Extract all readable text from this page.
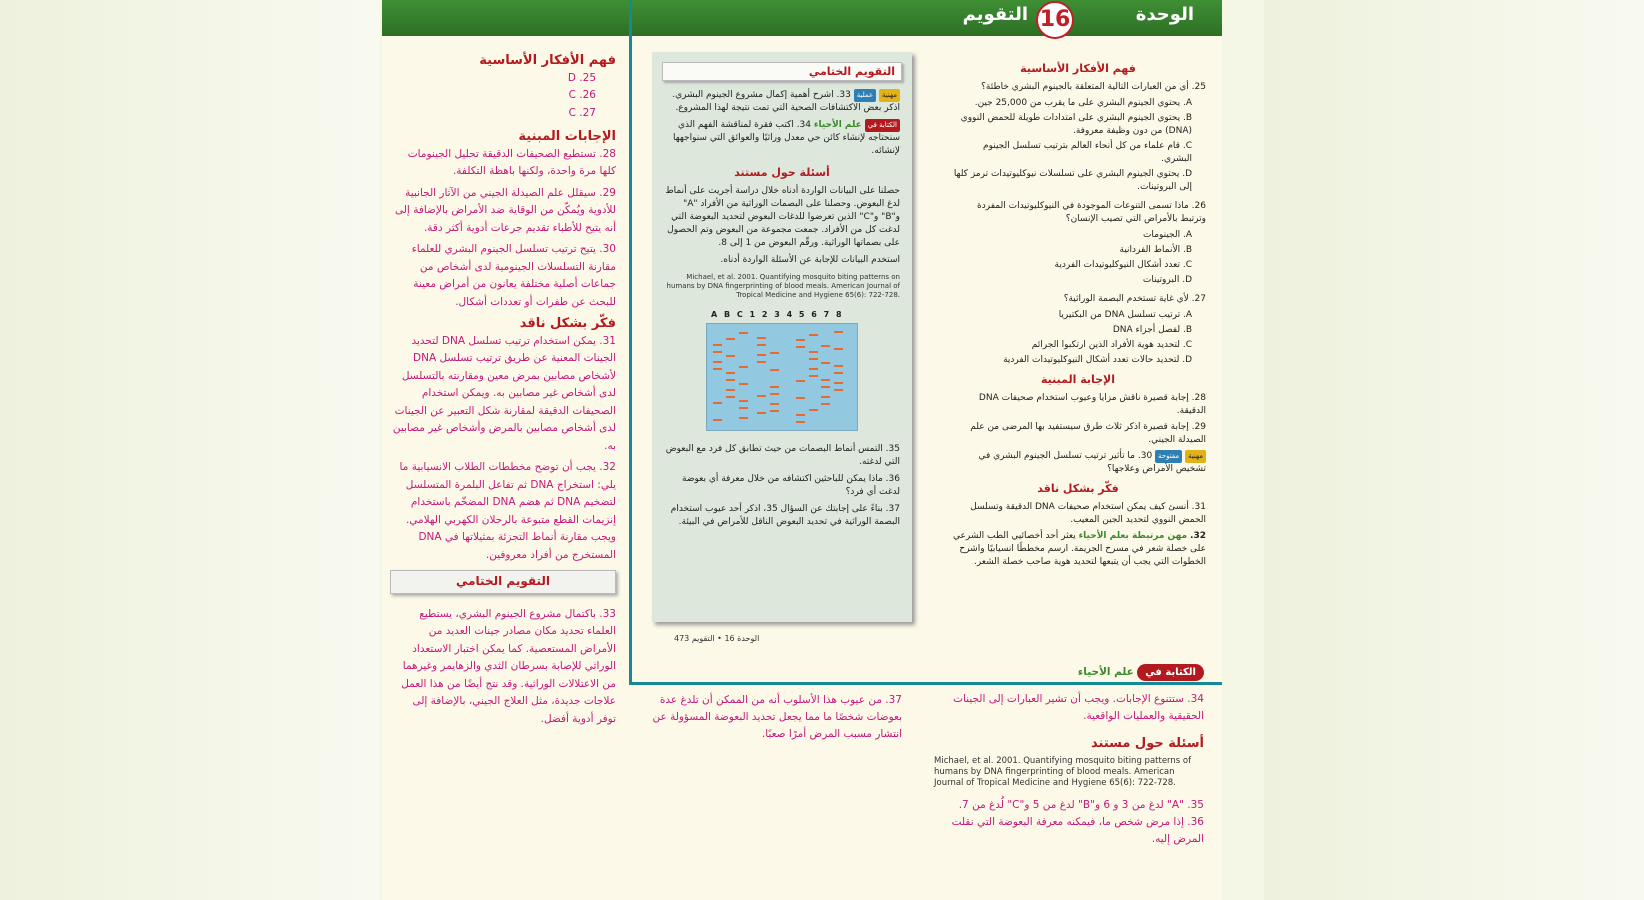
الوحدة
16
التقويم
فهم الأفكار الأساسية
D .25
C .26
C .27
الإجابات المبنية

28. تستطيع الصحيفات الدقيقة تحليل الجينومات كلها مرة واحدة، ولكنها باهظة التكلفة.

29. سيقلل علم الصيدلة الجيني من الآثار الجانبية للأدوية ويُمكّن من الوقاية ضد الأمراض بالإضافة إلى أنه يتيح للأطباء تقديم جرعات أدوية أكثر دقة.

30. يتيح ترتيب تسلسل الجينوم البشري للعلماء مقارنة التسلسلات الجينومية لدى أشخاص من جماعات أصلية مختلفة يعانون من أمراض معينة للبحث عن طفرات أو تعددات أشكال.

فكّر بشكل ناقد

31. يمكن استخدام ترتيب تسلسل DNA لتحديد الجينات المعنية عن طريق ترتيب تسلسل DNA لأشخاص مصابين بمرض معين ومقارنته بالتسلسل لدى أشخاص غير مصابين به. ويمكن استخدام الصحيفات الدقيقة لمقارنة شكل التعبير عن الجينات لدى أشخاص مصابين بالمرض وأشخاص غير مصابين به.

32. يجب أن توضح مخططات الطلاب الانسيابية ما يلي: استخراج DNA ثم تفاعل البلمرة المتسلسل لتضخيم DNA ثم هضم DNA المضخّم باستخدام إنزيمات القطع متبوعة بالرحلان الكهربي الهلامي. ويجب مقارنة أنماط التجزئة بمثيلاتها في DNA المستخرج من أفراد معروفين.

التقويم الختامي

33. باكتمال مشروع الجينوم البشري، يستطيع العلماء تحديد مكان مصادر جينات العديد من الأمراض المستعصية. كما يمكن اختبار الاستعداد الوراثي للإصابة بسرطان الثدي والزهايمر وغيرهما من الاعتلالات الوراثية. وقد نتج أيضًا من هذا العمل علاجات جديدة، مثل العلاج الجيني، بالإضافة إلى توفر أدوية أفضل.

التقويم الختامي

مهنية عملية 33. اشرح أهمية إكمال مشروع الجينوم البشري. اذكر بعض الاكتشافات الصحية التي تمت نتيجة لهذا المشروع.

الكتابة في علم الأحياء 34. اكتب فقرة لمناقشة الفهم الذي سنحتاجه لإنشاء كائن حي معدل وراثيًا والعوائق التي سنواجهها لإنشائه.

أسئلة حول مستند

حصلنا على البيانات الواردة أدناه خلال دراسة أجريت على أنماط لدغ البعوض. وحصلنا على البصمات الوراثية من الأفراد "A" و"B" و"C" الذين تعرضوا للدغات البعوض لتحديد البعوضة التي لدغت كل من الأفراد. جمعت مجموعة من البعوض وتم الحصول على بصماتها الوراثية. ورقّم البعوض من 1 إلى 8.

استخدم البيانات للإجابة عن الأسئلة الواردة أدناه.

Michael, et al. 2001. Quantifying mosquito biting patterns on humans by DNA fingerprinting of blood meals. American Journal of Tropical Medicine and Hygiene 65(6): 722-728.
A B C 1 2 3 4 5 6 7 8

35. التمس أنماط البصمات من حيث تطابق كل فرد مع البعوض التي لدغته.

36. ماذا يمكن للباحثين اكتشافه من خلال معرفة أي بعوضة لدغت أي فرد؟

37. بناءً على إجابتك عن السؤال 35، اذكر أحد عيوب استخدام البصمة الوراثية في تحديد البعوض الناقل للأمراض في البيئة.

الوحدة 16 • التقويم 473
فهم الأفكار الأساسية

25. أي من العبارات التالية المتعلقة بالجينوم البشري خاطئة؟

A. يحتوي الجينوم البشري على ما يقرب من 25,000 جين.

B. يحتوي الجينوم البشري على امتدادات طويلة للحمض النووي (DNA) من دون وظيفة معروفة.

C. قام علماء من كل أنحاء العالم بترتيب تسلسل الجينوم البشري.

D. يحتوي الجينوم البشري على تسلسلات نيوكليوتيدات ترمز كلها إلى البروتينات.

26. ماذا تسمى التنوعات الموجودة في النيوكليوتيدات المفردة وترتبط بالأمراض التي تصيب الإنسان؟

A. الجينومات

B. الأنماط الفردانية

C. تعدد أشكال النيوكليوتيدات الفردية

D. البروتينات

27. لأي غاية تستخدم البصمة الوراثية؟

A. ترتيب تسلسل DNA من البكتيريا

B. لفصل أجزاء DNA

C. لتحديد هوية الأفراد الذين ارتكبوا الجرائم

D. لتحديد حالات تعدد أشكال النيوكليوتيدات الفردية

الإجابة المبنية

28. إجابة قصيرة ناقش مزايا وعيوب استخدام صحيفات DNA الدقيقة.

29. إجابة قصيرة اذكر ثلاث طرق سيستفيد بها المرضى من علم الصيدلة الجيني.

مهنية مفتوحة 30. ما تأثير ترتيب تسلسل الجينوم البشري في تشخيص الأمراض وعلاجها؟

فكّر بشكل ناقد

31. أنسئ كيف يمكن استخدام صحيفات DNA الدقيقة وتسلسل الحمض النووي لتحديد الجين المعيب.

32. مهن مرتبطة بعلم الأحياء يعثر أحد أخصائيي الطب الشرعي على خصلة شعر في مسرح الجريمة. ارسم مخططًا انسيابيًا واشرح الخطوات التي يجب أن يتبعها لتحديد هوية صاحب خصلة الشعر.

37. من عيوب هذا الأسلوب أنه من الممكن أن تلدغ عدة بعوضات شخصًا ما مما يجعل تحديد البعوضة المسؤولة عن انتشار مسبب المرض أمرًا صعبًا.
الكتابة في علم الأحياء
34. ستتنوع الإجابات. ويجب أن تشير العبارات إلى الجينات الحقيقية والعمليات الواقعية.
أسئلة حول مستند
Michael, et al. 2001. Quantifying mosquito biting patterns of humans by DNA fingerprinting of blood meals. American Journal of Tropical Medicine and Hygiene 65(6): 722-728.
35. "A" لدغ من 3 و 6 و"B" لدغ من 5 و"C" لُدغ من 7.
36. إذا مرض شخص ما، فيمكنه معرفة البعوضة التي نقلت المرض إليه.
